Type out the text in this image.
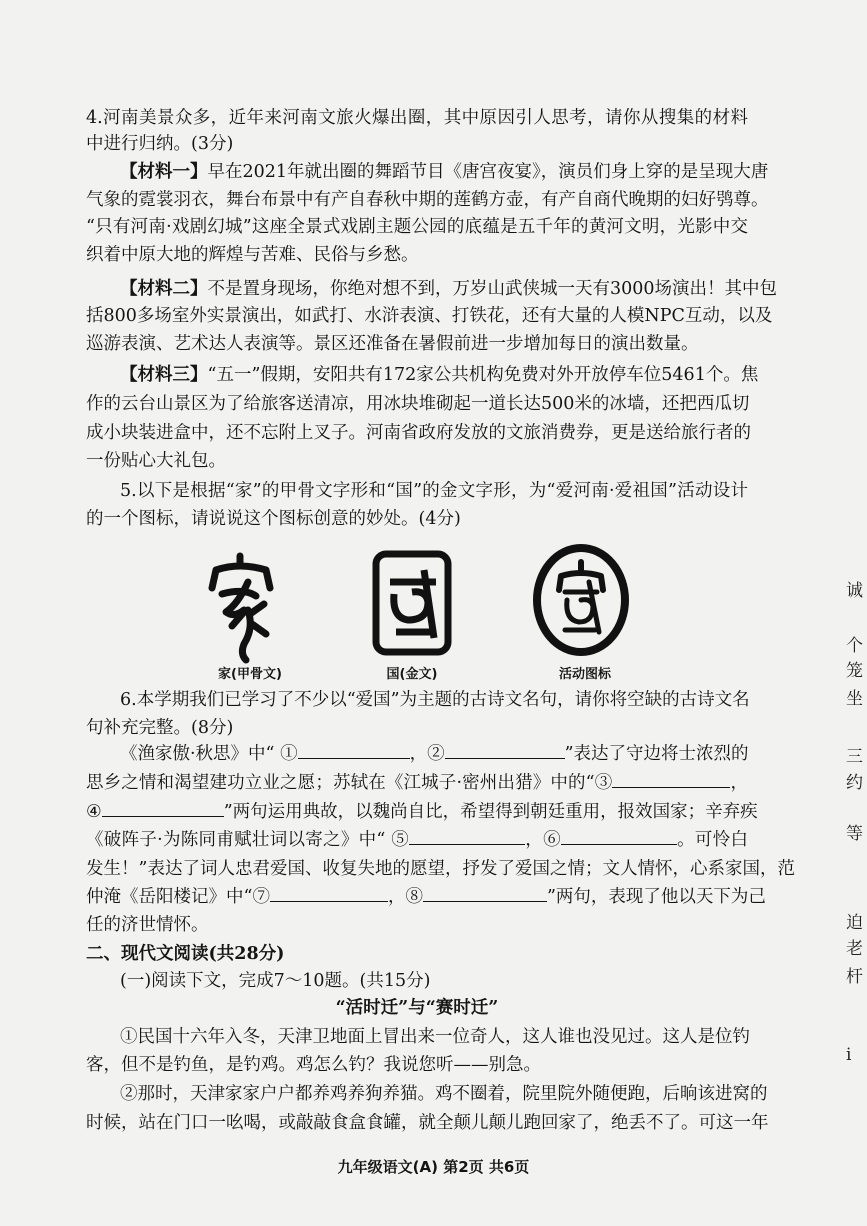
4.河南美景众多，近年来河南文旅火爆出圈，其中原因引人思考，请你从搜集的材料
中进行归纳。(3分)
【材料一】早在2021年就出圈的舞蹈节目《唐宫夜宴》，演员们身上穿的是呈现大唐
气象的霓裳羽衣，舞台布景中有产自春秋中期的莲鹤方壶，有产自商代晚期的妇好鸮尊。
“只有河南·戏剧幻城”这座全景式戏剧主题公园的底蕴是五千年的黄河文明，光影中交
织着中原大地的辉煌与苦难、民俗与乡愁。
【材料二】不是置身现场，你绝对想不到，万岁山武侠城一天有3000场演出！其中包
括800多场室外实景演出，如武打、水浒表演、打铁花，还有大量的人模NPC互动，以及
巡游表演、艺术达人表演等。景区还准备在暑假前进一步增加每日的演出数量。
【材料三】“五一”假期，安阳共有172家公共机构免费对外开放停车位5461个。焦
作的云台山景区为了给旅客送清凉，用冰块堆砌起一道长达500米的冰墙，还把西瓜切
成小块装进盒中，还不忘附上叉子。河南省政府发放的文旅消费券，更是送给旅行者的
一份贴心大礼包。
5.以下是根据“家”的甲骨文字形和“国”的金文字形，为“爱河南·爱祖国”活动设计
的一个图标，请说说这个图标创意的妙处。(4分)
家(甲骨文)	国(金文)	活动图标
6.本学期我们已学习了不少以“爱国”为主题的古诗文名句，请你将空缺的古诗文名
句补充完整。(8分)
《渔家傲·秋思》中“ ①	，②	”表达了守边将士浓烈的
思乡之情和渴望建功立业之愿；苏轼在《江城子·密州出猎》中的“③	，
④	”两句运用典故，以魏尚自比，希望得到朝廷重用，报效国家；辛弃疾
《破阵子·为陈同甫赋壮词以寄之》中“ ⑤	，⑥	。可怜白
发生！”表达了词人忠君爱国、收复失地的愿望，抒发了爱国之情；文人情怀，心系家国，范
仲淹《岳阳楼记》中“⑦	，⑧	”两句，表现了他以天下为己
任的济世情怀。
二、现代文阅读(共28分)
(一)阅读下文，完成7～10题。(共15分)
“活时迁”与“赛时迁”
①民国十六年入冬，天津卫地面上冒出来一位奇人，这人谁也没见过。这人是位钓
客，但不是钓鱼，是钓鸡。鸡怎么钓？我说您听——别急。
②那时，天津家家户户都养鸡养狗养猫。鸡不圈着，院里院外随便跑，后晌该进窝的
时候，站在门口一吆喝，或敲敲食盒食罐，就全颠儿颠儿跑回家了，绝丢不了。可这一年
九年级语文(A) 第2页 共6页
诚
个
笼
坐
三
约
等
迫
老
杆
i
